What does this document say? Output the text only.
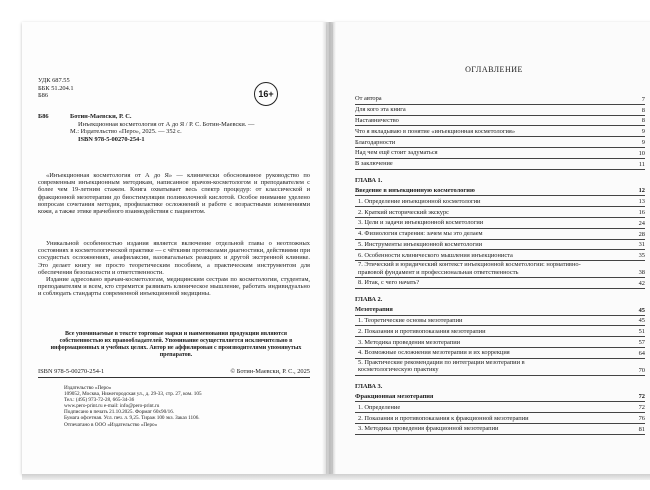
УДК 687.55
ББК 51.204.1
Б86	16+
Б86	Ботин-Маевски, Р. С.
Инъекционная косметология от А до Я / Р. С. Ботин-Маевски. —
М.: Издательство «Перо», 2025. — 352 с.
ISBN 978-5-00270-254-1
«Инъекционная косметология от А до Я» — клинически обоснованное руководство по современным инъекционным методикам, написанное врачом-косметологом и преподавателем с более чем 19-летним стажем. Книга охватывает весь спектр процедур: от классической и фракционной мезотерапии до биостимуляции полимолочной кислотой. Особое внимание уделено вопросам сочетания методик, профилактике осложнений и работе с возрастными изменениями кожи, а также этике врачебного взаимодействия с пациентом.
Уникальной особенностью издания является включение отдельной главы о неотложных состояниях в косметологической практике — с чёткими протоколами диагностики, действиями при сосудистых осложнениях, анафилаксии, вазовагальных реакциях и другой экстренной клинике. Это делает книгу не просто теоретическим пособием, а практическим инструментом для обеспечения безопасности и ответственности.
Издание адресовано врачам-косметологам, медицинским сестрам по косметологии, студентам, преподавателям и всем, кто стремится развивать клиническое мышление, работать индивидуально и соблюдать стандарты современной инъекционной медицины.
Все упоминаемые в тексте торговые марки и наименования продукции являются собственностью их правообладателей. Упоминание осуществляется исключительно в информационных и учебных целях. Автор не аффилирован с производителями упомянутых препаратов.
ISBN 978-5-00270-254-1	© Ботин-Маевски, Р. С., 2025
Издательство «Перо»
109052, Москва, Нижегородская ул., д. 29-33, стр. 27, ком. 105
Тел.: (495) 973-72-28, 665-34-36
www.pero-print.ru e-mail: info@pero-print.ru
Подписано в печать 21.10.2025. Формат 60х90/16.
Бумага офсетная. Усл. печ. л. 9,25. Тираж 100 экз. Заказ 1106.
Отпечатано в ООО «Издательство «Перо»
ОГЛАВЛЕНИЕ
От автора	7
Для кого эта книга	8
Наставничество	8
Что я вкладываю в понятие «инъекционная косметология»	9
Благодарности	9
Над чем ещё стоит задуматься	10
В заключение	11
ГЛАВА 1.
Введение в инъекционную косметологию	12
1. Определение инъекционной косметологии	13
2. Краткий исторический экскурс	16
3. Цели и задачи инъекционной косметологии	24
4. Физиология старения: зачем мы это делаем	28
5. Инструменты инъекционной косметологии	31
6. Особенности клинического мышления инъекциониста	35
7. Этический и юридический контекст инъекционной косметологии: нормативно-правовой фундамент и профессиональная ответственность	38
8. Итак, с чего начать?	42
ГЛАВА 2.
Мезотерапия	45
1. Теоретические основы мезотерапии	45
2. Показания и противопоказания мезотерапии	51
3. Методика проведения мезотерапии	57
4. Возможные осложнения мезотерапии и их коррекция	64
5. Практические рекомендации по интеграции мезотерапии в косметологическую практику	70
ГЛАВА 3.
Фракционная мезотерапия	72
1. Определение	72
2. Показания и противопоказания к фракционной мезотерапии	76
3. Методика проведения фракционной мезотерапии	81
